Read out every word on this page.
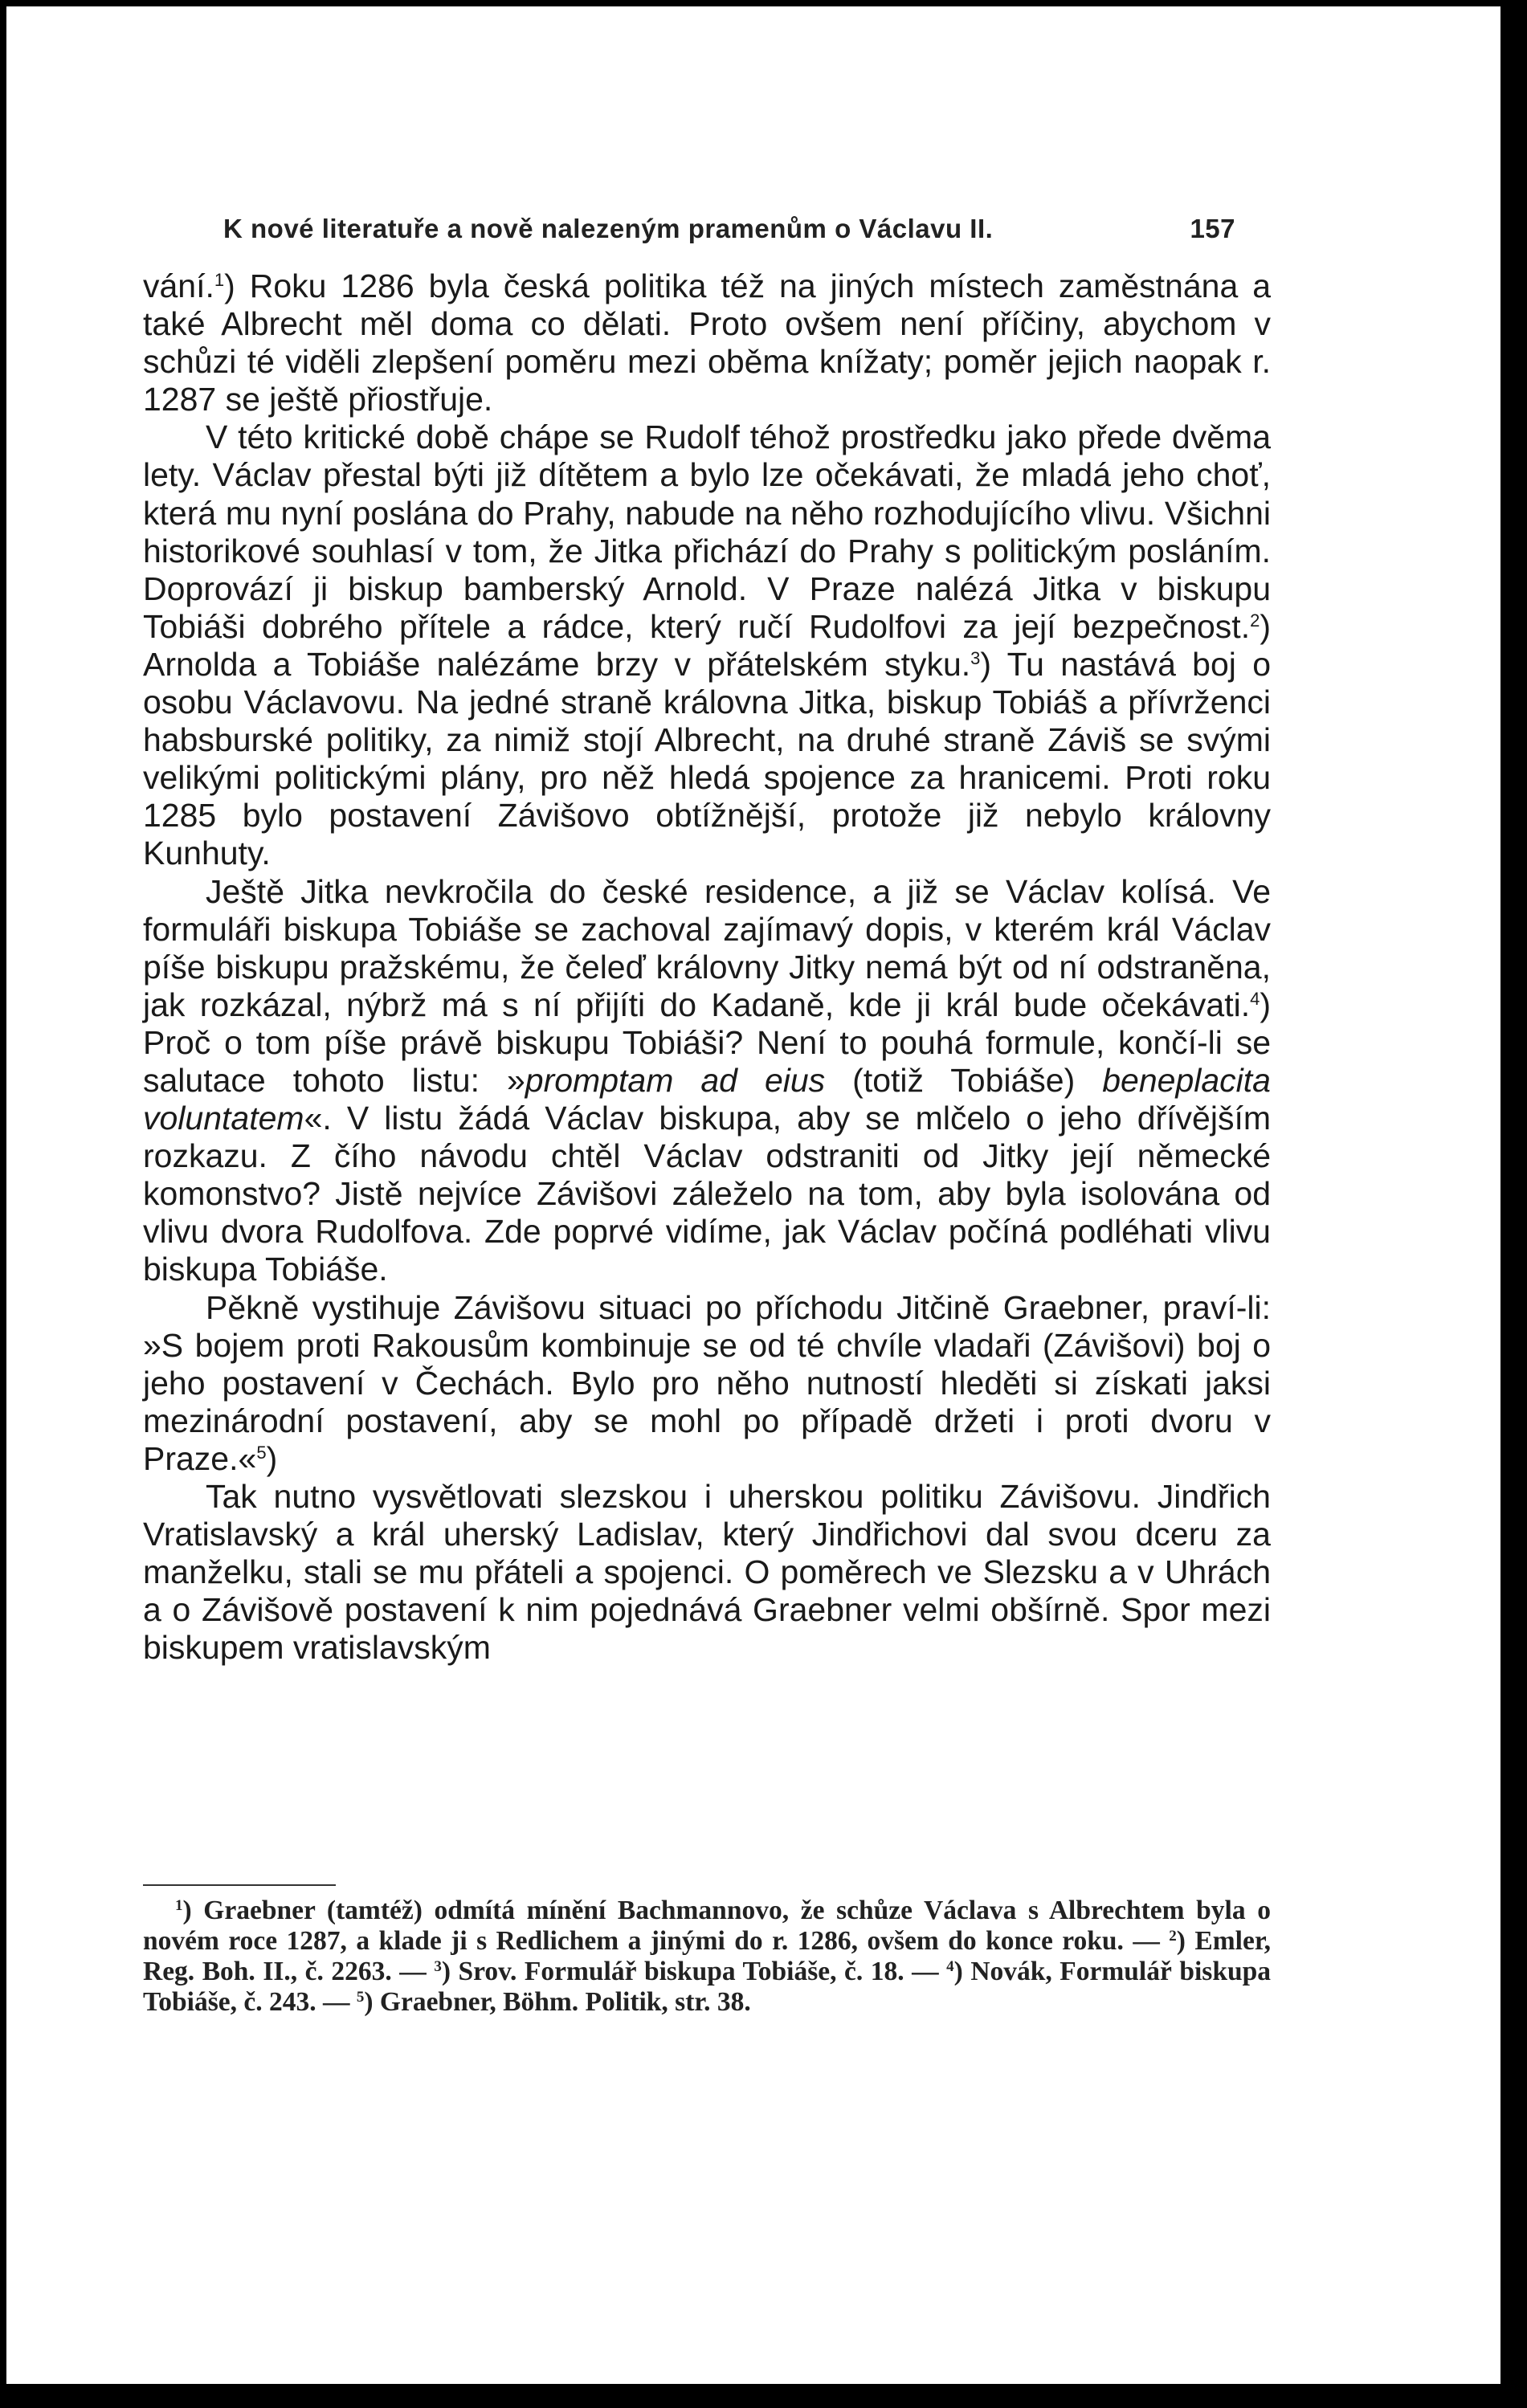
K nové literatuře a nově nalezeným pramenům o Václavu II.	157

vání.$^1$) Roku 1286 byla česká politika též na jiných místech zaměstnána a také Albrecht měl doma co dělati. Proto ovšem není příčiny, abychom v schůzi té viděli zlepšení poměru mezi oběma knížaty; poměr jejich naopak r. 1287 se ještě přiostřuje.

V této kritické době chápe se Rudolf téhož prostředku jako přede dvěma lety. Václav přestal býti již dítětem a bylo lze očekávati, že mladá jeho choť, která mu nyní poslána do Prahy, nabude na něho rozhodujícího vlivu. Všichni historikové souhlasí v tom, že Jitka přichází do Prahy s politickým posláním. Doprovází ji biskup bamberský Arnold. V Praze nalézá Jitka v biskupu Tobiáši dobrého přítele a rádce, který ručí Rudolfovi za její bezpečnost.$^2$) Arnolda a Tobiáše nalézáme brzy v přátelském styku.$^3$) Tu nastává boj o osobu Václavovu. Na jedné straně královna Jitka, biskup Tobiáš a přívrženci habsburské politiky, za nimiž stojí Albrecht, na druhé straně Záviš se svými velikými politickými plány, pro něž hledá spojence za hranicemi. Proti roku 1285 bylo postavení Závišovo obtížnější, protože již nebylo královny Kunhuty.

Ještě Jitka nevkročila do české residence, a již se Václav kolísá. Ve formuláři biskupa Tobiáše se zachoval zajímavý dopis, v kterém král Václav píše biskupu pražskému, že čeleď královny Jitky nemá být od ní odstraněna, jak rozkázal, nýbrž má s ní přijíti do Kadaně, kde ji král bude očekávati.$^4$) Proč o tom píše právě biskupu Tobiáši? Není to pouhá formule, končí-li se salutace tohoto listu: »promptam ad eius (totiž Tobiáše) beneplacita voluntatem«. V listu žádá Václav biskupa, aby se mlčelo o jeho dřívějším rozkazu. Z čího návodu chtěl Václav odstraniti od Jitky její německé komonstvo? Jistě nejvíce Závišovi záleželo na tom, aby byla isolována od vlivu dvora Rudolfova. Zde poprvé vidíme, jak Václav počíná podléhati vlivu biskupa Tobiáše.

Pěkně vystihuje Závišovu situaci po příchodu Jitčině Graebner, praví-li: »S bojem proti Rakousům kombinuje se od té chvíle vladaři (Závišovi) boj o jeho postavení v Čechách. Bylo pro něho nutností hleděti si získati jaksi mezinárodní postavení, aby se mohl po případě držeti i proti dvoru v Praze.«$^5$)

Tak nutno vysvětlovati slezskou i uherskou politiku Závišovu. Jindřich Vratislavský a král uherský Ladislav, který Jindřichovi dal svou dceru za manželku, stali se mu přáteli a spojenci. O poměrech ve Slezsku a v Uhrách a o Závišově postavení k nim pojednává Graebner velmi obšírně. Spor mezi biskupem vratislavským

$^1$) Graebner (tamtéž) odmítá mínění Bachmannovo, že schůze Václava s Albrechtem byla o novém roce 1287, a klade ji s Redlichem a jinými do r. 1286, ovšem do konce roku. — $^2$) Emler, Reg. Boh. II., č. 2263. — $^3$) Srov. Formulář biskupa Tobiáše, č. 18. — $^4$) Novák, Formulář biskupa Tobiáše, č. 243. — $^5$) Graebner, Böhm. Politik, str. 38.
